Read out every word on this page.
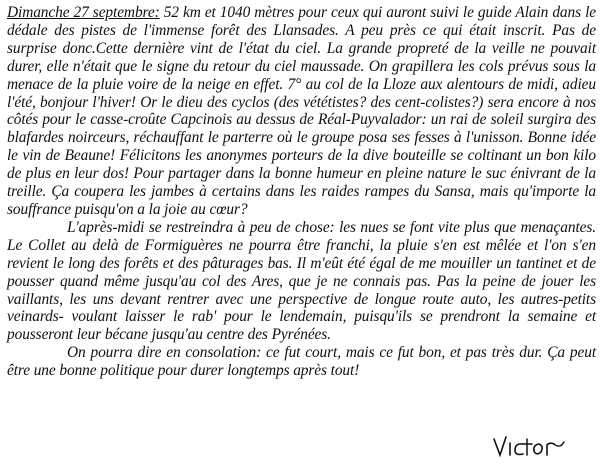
Dimanche 27 septembre: 52 km et 1040 mètres pour ceux qui auront suivi le guide Alain dans le dédale des pistes de l'immense forêt des Llansades. A peu près ce qui était inscrit. Pas de surprise donc.Cette dernière vint de l'état du ciel. La grande propreté de la veille ne pouvait durer, elle n'était que le signe du retour du ciel maussade. On grapillera les cols prévus sous la menace de la pluie voire de la neige en effet. 7° au col de la Lloze aux alentours de midi, adieu l'été, bonjour l'hiver! Or le dieu des cyclos (des vététistes? des cent-colistes?) sera encore à nos côtés pour le casse-croûte Capcinois au dessus de Réal-Puyvalador: un rai de soleil surgira des blafardes noirceurs, réchauffant le parterre où le groupe posa ses fesses à l'unisson. Bonne idée le vin de Beaune! Félicitons les anonymes porteurs de la dive bouteille se coltinant un bon kilo de plus en leur dos! Pour partager dans la bonne humeur en pleine nature le suc énivrant de la treille. Ça coupera les jambes à certains dans les raides rampes du Sansa, mais qu'importe la souffrance puisqu'on a la joie au cœur?

L'après-midi se restreindra à peu de chose: les nues se font vite plus que menaçantes. Le Collet au delà de Formiguères ne pourra être franchi, la pluie s'en est mêlée et l'on s'en revient le long des forêts et des pâturages bas. Il m'eût été égal de me mouiller un tantinet et de pousser quand même jusqu'au col des Ares, que je ne connais pas. Pas la peine de jouer les vaillants, les uns devant rentrer avec une perspective de longue route auto, les autres-petits veinards- voulant laisser le rab' pour le lendemain, puisqu'ils se prendront la semaine et pousseront leur bécane jusqu'au centre des Pyrénées.

On pourra dire en consolation: ce fut court, mais ce fut bon, et pas très dur. Ça peut être une bonne politique pour durer longtemps après tout!
